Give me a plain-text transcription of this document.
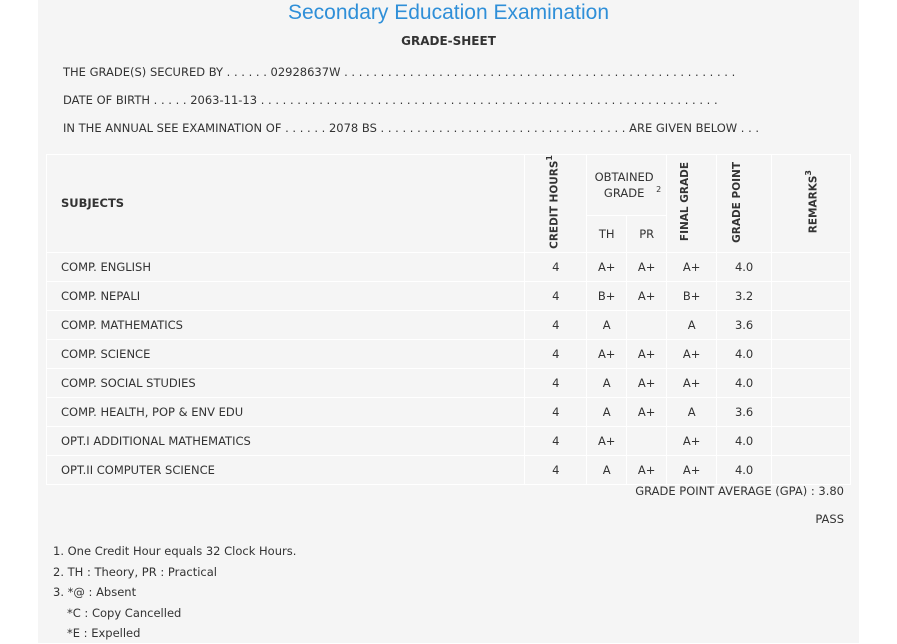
Secondary Education Examination
GRADE-SHEET
THE GRADE(S) SECURED BY . . . . . . 02928637W . . . . . . . . . . . . . . . . . . . . . . . . . . . . . . . . . . . . . . . . . . . . . . . . . . . . . .
DATE OF BIRTH . . . . . 2063-11-13 . . . . . . . . . . . . . . . . . . . . . . . . . . . . . . . . . . . . . . . . . . . . . . . . . . . . . . . . . . . . . . .
IN THE ANNUAL SEE EXAMINATION OF . . . . . . 2078 BS . . . . . . . . . . . . . . . . . . . . . . . . . . . . . . . . . . ARE GIVEN BELOW . . .
SUBJECTS	CREDIT HOURS$^1$	OBTAINED GRADE $^2$		FINAL GRADE	GRADE POINT	REMARKS$^3$
		TH	PR			
COMP. ENGLISH	4	A+	A+	A+	4.0	
COMP. NEPALI	4	B+	A+	B+	3.2	
COMP. MATHEMATICS	4	A		A	3.6	
COMP. SCIENCE	4	A+	A+	A+	4.0	
COMP. SOCIAL STUDIES	4	A	A+	A+	4.0	
COMP. HEALTH, POP & ENV EDU	4	A	A+	A	3.6	
OPT.I ADDITIONAL MATHEMATICS	4	A+		A+	4.0	
OPT.II COMPUTER SCIENCE	4	A	A+	A+	4.0	
GRADE POINT AVERAGE (GPA) : 3.80
PASS
1. One Credit Hour equals 32 Clock Hours.
2. TH : Theory, PR : Practical
3. *@ : Absent
*C : Copy Cancelled
*E : Expelled
